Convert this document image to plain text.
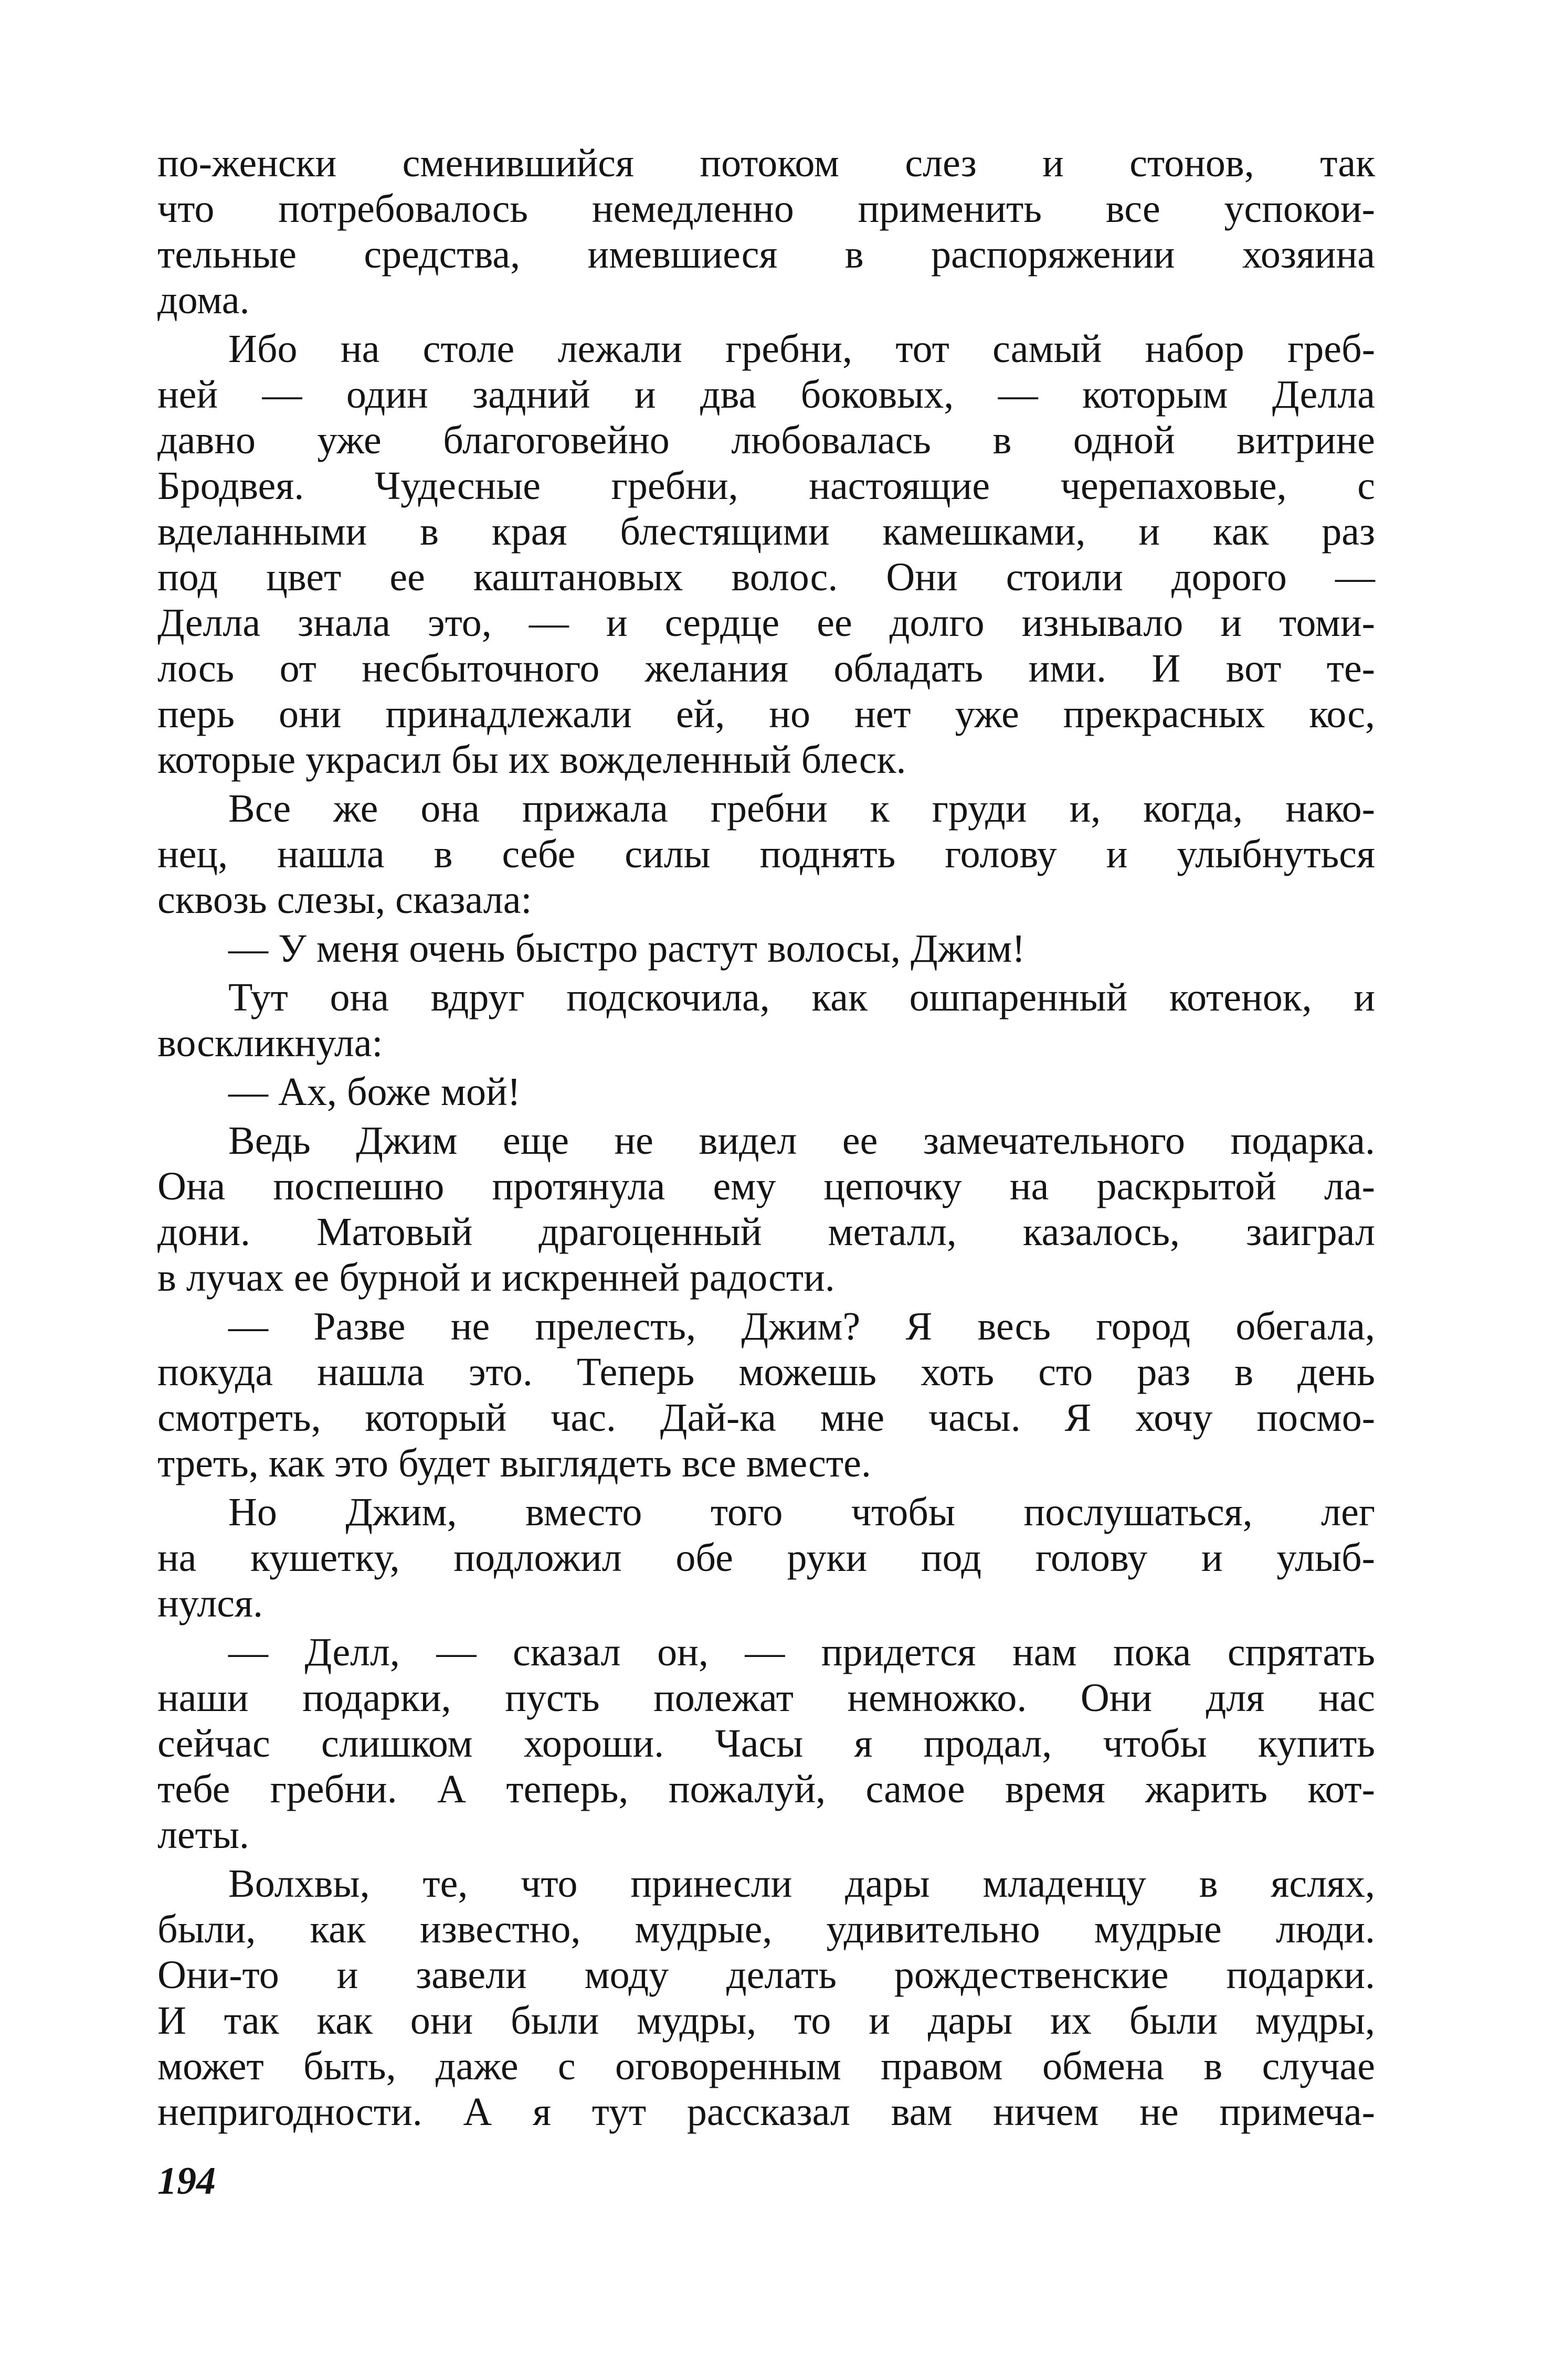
по-женски сменившийся потоком слез и стонов, так
что потребовалось немедленно применить все успокои-
тельные средства, имевшиеся в распоряжении хозяина
дома.
Ибо на столе лежали гребни, тот самый набор греб-
ней — один задний и два боковых, — которым Делла
давно уже благоговейно любовалась в одной витрине
Бродвея. Чудесные гребни, настоящие черепаховые, с
вделанными в края блестящими камешками, и как раз
под цвет ее каштановых волос. Они стоили дорого —
Делла знала это, — и сердце ее долго изнывало и томи-
лось от несбыточного желания обладать ими. И вот те-
перь они принадлежали ей, но нет уже прекрасных кос,
которые украсил бы их вожделенный блеск.
Все же она прижала гребни к груди и, когда, нако-
нец, нашла в себе силы поднять голову и улыбнуться
сквозь слезы, сказала:
— У меня очень быстро растут волосы, Джим!
Тут она вдруг подскочила, как ошпаренный котенок, и
воскликнула:
— Ах, боже мой!
Ведь Джим еще не видел ее замечательного подарка.
Она поспешно протянула ему цепочку на раскрытой ла-
дони. Матовый драгоценный металл, казалось, заиграл
в лучах ее бурной и искренней радости.
— Разве не прелесть, Джим? Я весь город обегала,
покуда нашла это. Теперь можешь хоть сто раз в день
смотреть, который час. Дай-ка мне часы. Я хочу посмо-
треть, как это будет выглядеть все вместе.
Но Джим, вместо того чтобы послушаться, лег
на кушетку, подложил обе руки под голову и улыб-
нулся.
— Делл, — сказал он, — придется нам пока спрятать
наши подарки, пусть полежат немножко. Они для нас
сейчас слишком хороши. Часы я продал, чтобы купить
тебе гребни. А теперь, пожалуй, самое время жарить кот-
леты.
Волхвы, те, что принесли дары младенцу в яслях,
были, как известно, мудрые, удивительно мудрые люди.
Они-то и завели моду делать рождественские подарки.
И так как они были мудры, то и дары их были мудры,
может быть, даже с оговоренным правом обмена в случае
непригодности. А я тут рассказал вам ничем не примеча-
194
